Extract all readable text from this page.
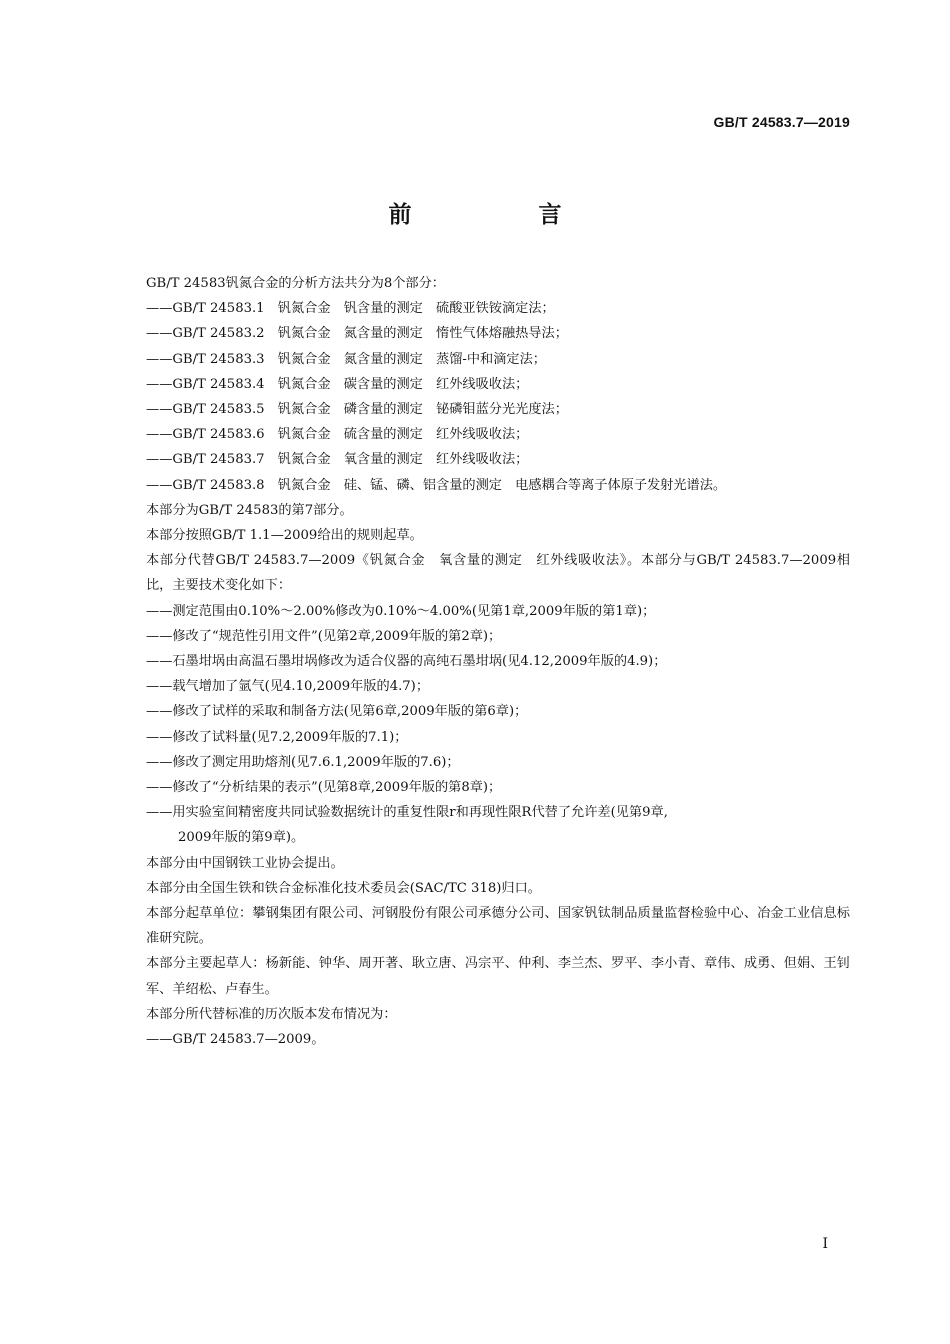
GB/T 24583.7—2019
前　言

GB/T 24583钒氮合金的分析方法共分为8个部分：

——GB/T 24583.1　钒氮合金　钒含量的测定　硫酸亚铁铵滴定法；

——GB/T 24583.2　钒氮合金　氮含量的测定　惰性气体熔融热导法；

——GB/T 24583.3　钒氮合金　氮含量的测定　蒸馏-中和滴定法；

——GB/T 24583.4　钒氮合金　碳含量的测定　红外线吸收法；

——GB/T 24583.5　钒氮合金　磷含量的测定　铋磷钼蓝分光光度法；

——GB/T 24583.6　钒氮合金　硫含量的测定　红外线吸收法；

——GB/T 24583.7　钒氮合金　氧含量的测定　红外线吸收法；

——GB/T 24583.8　钒氮合金　硅、锰、磷、铝含量的测定　电感耦合等离子体原子发射光谱法。

本部分为GB/T 24583的第7部分。

本部分按照GB/T 1.1—2009给出的规则起草。

本部分代替GB/T 24583.7—2009《钒氮合金　氧含量的测定　红外线吸收法》。本部分与GB/T 24583.7—2009相比，主要技术变化如下：

——测定范围由0.10%～2.00%修改为0.10%～4.00%(见第1章,2009年版的第1章)；

——修改了“规范性引用文件”(见第2章,2009年版的第2章)；

——石墨坩埚由高温石墨坩埚修改为适合仪器的高纯石墨坩埚(见4.12,2009年版的4.9)；

——载气增加了氩气(见4.10,2009年版的4.7)；

——修改了试样的采取和制备方法(见第6章,2009年版的第6章)；

——修改了试料量(见7.2,2009年版的7.1)；

——修改了测定用助熔剂(见7.6.1,2009年版的7.6)；

——修改了“分析结果的表示”(见第8章,2009年版的第8章)；

——用实验室间精密度共同试验数据统计的重复性限r和再现性限R代替了允许差(见第9章,

2009年版的第9章)。

本部分由中国钢铁工业协会提出。

本部分由全国生铁和铁合金标准化技术委员会(SAC/TC 318)归口。

本部分起草单位：攀钢集团有限公司、河钢股份有限公司承德分公司、国家钒钛制品质量监督检验中心、冶金工业信息标准研究院。

本部分主要起草人：杨新能、钟华、周开著、耿立唐、冯宗平、仲利、李兰杰、罗平、李小青、章伟、成勇、但娟、王钊军、羊绍松、卢春生。

本部分所代替标准的历次版本发布情况为：

——GB/T 24583.7—2009。

I
